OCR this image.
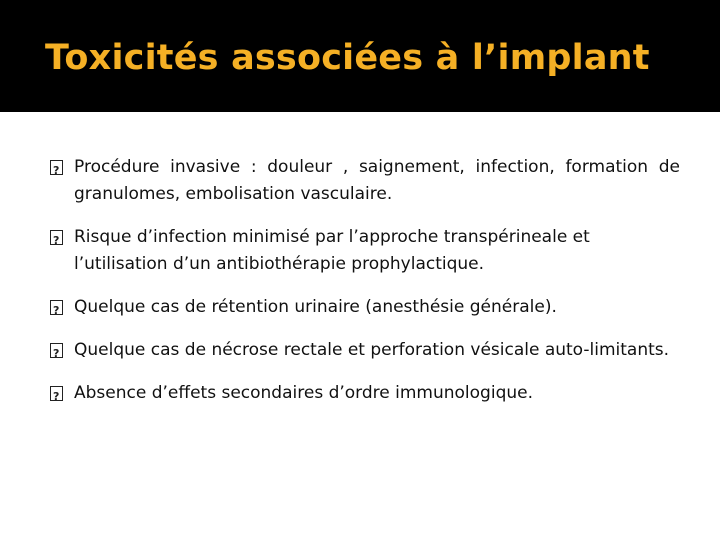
Toxicités associées à l’implant
?
Procédure invasive : douleur , saignement, infection, formation de granulomes, embolisation vasculaire.
?
Risque d’infection minimisé par l’approche transpérineale et l’utilisation d’un antibiothérapie prophylactique.
?
Quelque cas de rétention urinaire (anesthésie générale).
?
Quelque cas de nécrose rectale et perforation vésicale auto-limitants.
?
Absence d’effets secondaires d’ordre immunologique.
